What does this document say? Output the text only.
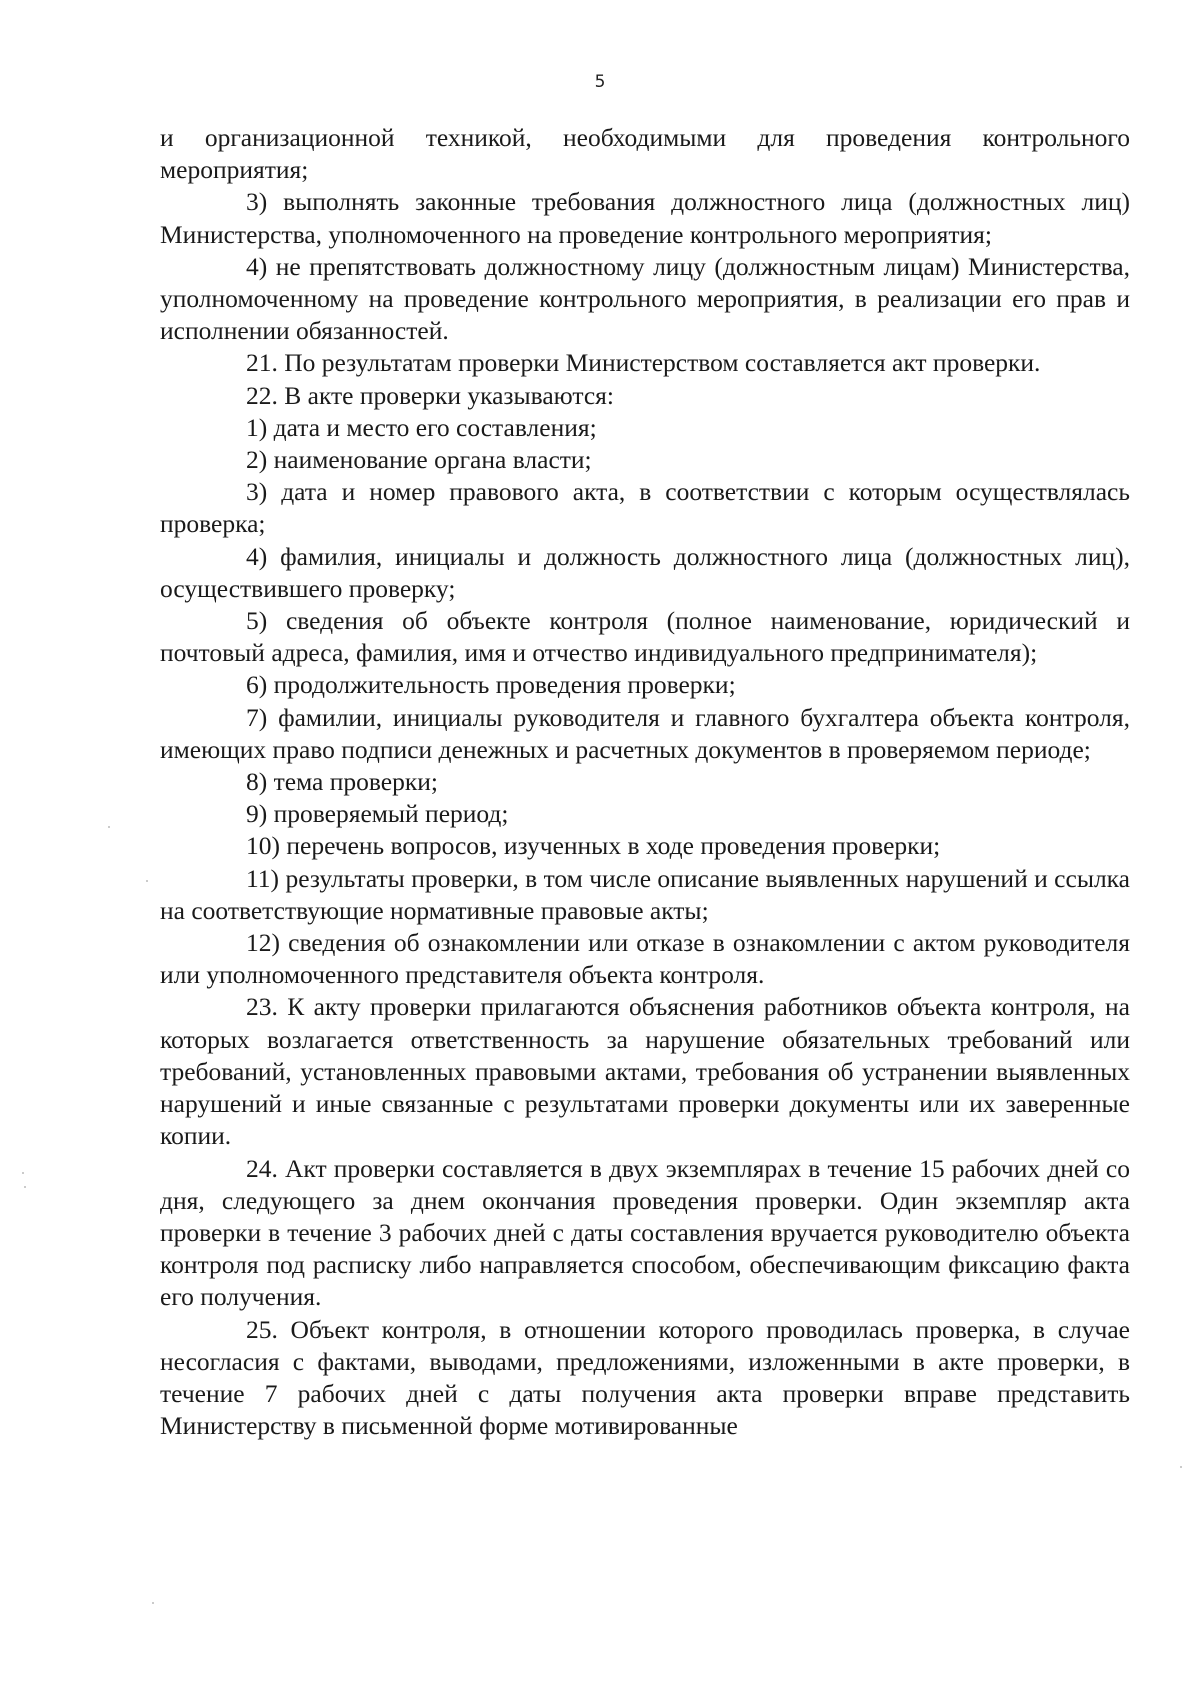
5

и организационной техникой, необходимыми для проведения контрольного мероприятия;

3) выполнять законные требования должностного лица (должностных лиц) Министерства, уполномоченного на проведение контрольного мероприятия;

4) не препятствовать должностному лицу (должностным лицам) Министерства, уполномоченному на проведение контрольного мероприятия, в реализации его прав и исполнении обязанностей.

21. По результатам проверки Министерством составляется акт проверки.

22. В акте проверки указываются:

1) дата и место его составления;

2) наименование органа власти;

3) дата и номер правового акта, в соответствии с которым осуществлялась проверка;

4) фамилия, инициалы и должность должностного лица (должностных лиц), осуществившего проверку;

5) сведения об объекте контроля (полное наименование, юридический и почтовый адреса, фамилия, имя и отчество индивидуального предпринимателя);

6) продолжительность проведения проверки;

7) фамилии, инициалы руководителя и главного бухгалтера объекта контроля, имеющих право подписи денежных и расчетных документов в проверяемом периоде;

8) тема проверки;

9) проверяемый период;

10) перечень вопросов, изученных в ходе проведения проверки;

11) результаты проверки, в том числе описание выявленных нарушений и ссылка на соответствующие нормативные правовые акты;

12) сведения об ознакомлении или отказе в ознакомлении с актом руководителя или уполномоченного представителя объекта контроля.

23. К акту проверки прилагаются объяснения работников объекта контроля, на которых возлагается ответственность за нарушение обязательных требований или требований, установленных правовыми актами, требования об устранении выявленных нарушений и иные связанные с результатами проверки документы или их заверенные копии.

24. Акт проверки составляется в двух экземплярах в течение 15 рабочих дней со дня, следующего за днем окончания проведения проверки. Один экземпляр акта проверки в течение 3 рабочих дней с даты составления вручается руководителю объекта контроля под расписку либо направляется способом, обеспечивающим фиксацию факта его получения.

25. Объект контроля, в отношении которого проводилась проверка, в случае несогласия с фактами, выводами, предложениями, изложенными в акте проверки, в течение 7 рабочих дней с даты получения акта проверки вправе представить Министерству в письменной форме мотивированные
